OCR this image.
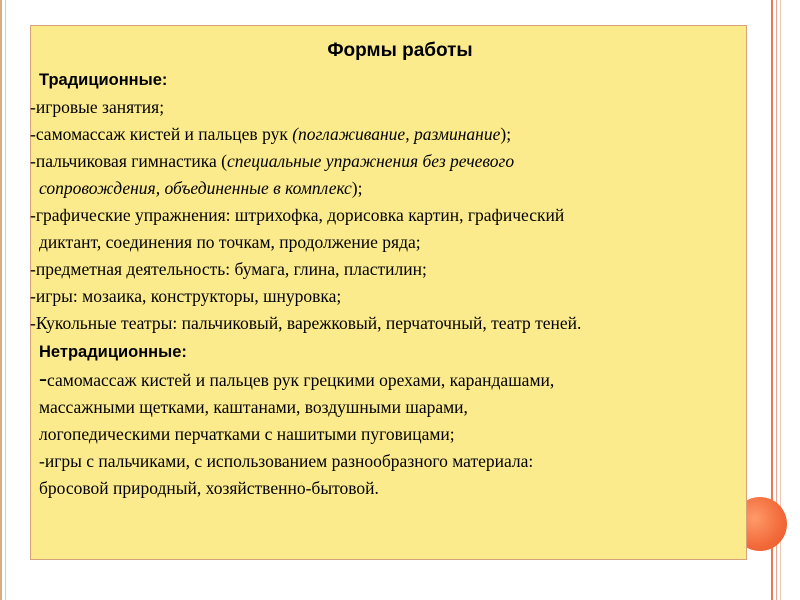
Формы работы
Традиционные:
-игровые занятия;
-самомассаж кистей и пальцев рук (поглаживание, разминание);
-пальчиковая гимнастика (специальные упражнения без речевого
сопровождения, объединенные в комплекс);
-графические упражнения: штрихофка, дорисовка картин, графический
диктант, соединения по точкам, продолжение ряда;
-предметная деятельность: бумага, глина, пластилин;
-игры: мозаика, конструкторы, шнуровка;
-Кукольные театры: пальчиковый, варежковый, перчаточный, театр теней.
Нетрадиционные:
-самомассаж кистей и пальцев рук грецкими орехами, карандашами,
массажными щетками, каштанами, воздушными шарами,
логопедическими перчатками с нашитыми пуговицами;
-игры с пальчиками, с использованием разнообразного материала:
бросовой природный, хозяйственно-бытовой.
